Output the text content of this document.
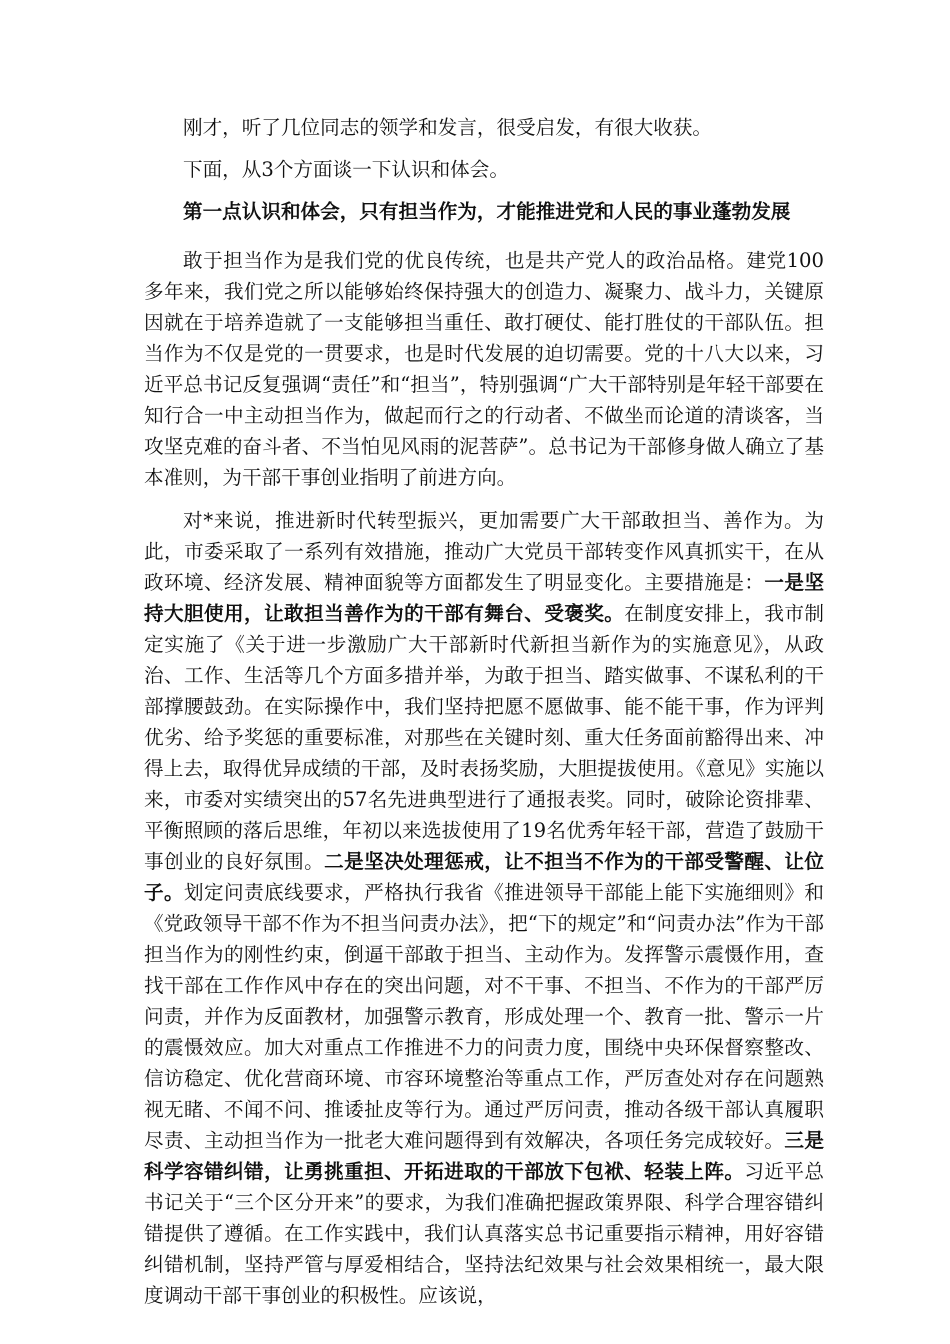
刚才，听了几位同志的领学和发言，很受启发，有很大收获。

下面，从3个方面谈一下认识和体会。

第一点认识和体会，只有担当作为，才能推进党和人民的事业蓬勃发展

敢于担当作为是我们党的优良传统，也是共产党人的政治品格。建党100多年来，我们党之所以能够始终保持强大的创造力、凝聚力、战斗力，关键原因就在于培养造就了一支能够担当重任、敢打硬仗、能打胜仗的干部队伍。担当作为不仅是党的一贯要求，也是时代发展的迫切需要。党的十八大以来，习近平总书记反复强调“责任”和“担当”，特别强调“广大干部特别是年轻干部要在知行合一中主动担当作为，做起而行之的行动者、不做坐而论道的清谈客，当攻坚克难的奋斗者、不当怕见风雨的泥菩萨”。总书记为干部修身做人确立了基本准则，为干部干事创业指明了前进方向。

对*来说，推进新时代转型振兴，更加需要广大干部敢担当、善作为。为此，市委采取了一系列有效措施，推动广大党员干部转变作风真抓实干，在从政环境、经济发展、精神面貌等方面都发生了明显变化。主要措施是：一是坚持大胆使用，让敢担当善作为的干部有舞台、受褒奖。在制度安排上，我市制定实施了《关于进一步激励广大干部新时代新担当新作为的实施意见》，从政治、工作、生活等几个方面多措并举，为敢于担当、踏实做事、不谋私利的干部撑腰鼓劲。在实际操作中，我们坚持把愿不愿做事、能不能干事，作为评判优劣、给予奖惩的重要标准，对那些在关键时刻、重大任务面前豁得出来、冲得上去，取得优异成绩的干部，及时表扬奖励，大胆提拔使用。《意见》实施以来，市委对实绩突出的57名先进典型进行了通报表奖。同时，破除论资排辈、平衡照顾的落后思维，年初以来选拔使用了19名优秀年轻干部，营造了鼓励干事创业的良好氛围。二是坚决处理惩戒，让不担当不作为的干部受警醒、让位子。划定问责底线要求，严格执行我省《推进领导干部能上能下实施细则》和《党政领导干部不作为不担当问责办法》，把“下的规定”和“问责办法”作为干部担当作为的刚性约束，倒逼干部敢于担当、主动作为。发挥警示震慑作用，查找干部在工作作风中存在的突出问题，对不干事、不担当、不作为的干部严厉问责，并作为反面教材，加强警示教育，形成处理一个、教育一批、警示一片的震慑效应。加大对重点工作推进不力的问责力度，围绕中央环保督察整改、信访稳定、优化营商环境、市容环境整治等重点工作，严厉查处对存在问题熟视无睹、不闻不问、推诿扯皮等行为。通过严厉问责，推动各级干部认真履职尽责、主动担当作为一批老大难问题得到有效解决，各项任务完成较好。三是科学容错纠错，让勇挑重担、开拓进取的干部放下包袱、轻装上阵。习近平总书记关于“三个区分开来”的要求，为我们准确把握政策界限、科学合理容错纠错提供了遵循。在工作实践中，我们认真落实总书记重要指示精神，用好容错纠错机制，坚持严管与厚爱相结合，坚持法纪效果与社会效果相统一，最大限度调动干部干事创业的积极性。应该说，
